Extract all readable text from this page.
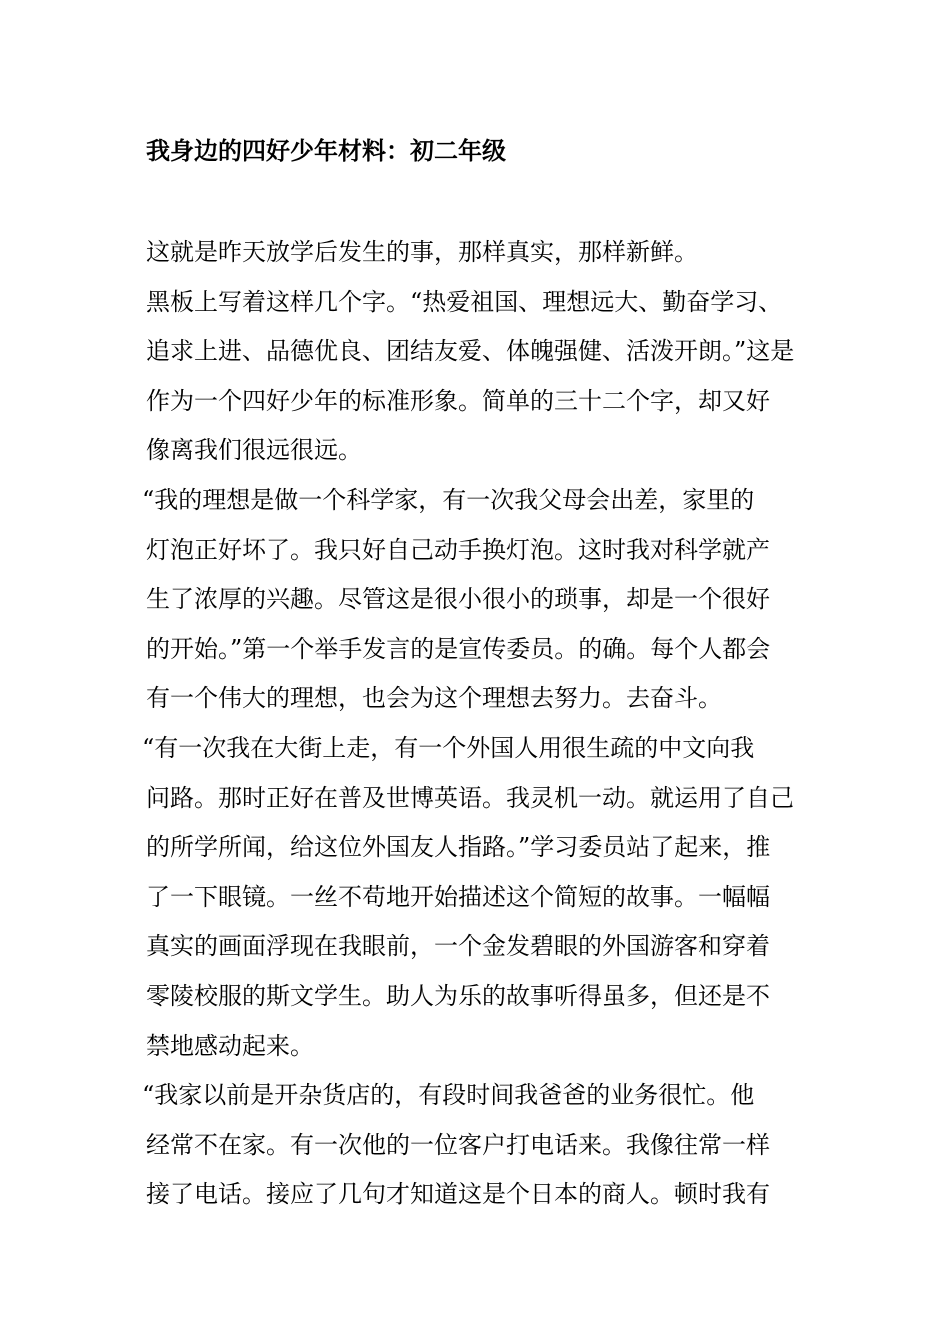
我身边的四好少年材料：初二年级
这就是昨天放学后发生的事，那样真实，那样新鲜。
黑板上写着这样几个字。“热爱祖国、理想远大、勤奋学习、
追求上进、品德优良、团结友爱、体魄强健、活泼开朗。”这是
作为一个四好少年的标准形象。简单的三十二个字，却又好
像离我们很远很远。
“我的理想是做一个科学家，有一次我父母会出差，家里的
灯泡正好坏了。我只好自己动手换灯泡。这时我对科学就产
生了浓厚的兴趣。尽管这是很小很小的琐事，却是一个很好
的开始。”第一个举手发言的是宣传委员。的确。每个人都会
有一个伟大的理想，也会为这个理想去努力。去奋斗。
“有一次我在大街上走，有一个外国人用很生疏的中文向我
问路。那时正好在普及世博英语。我灵机一动。就运用了自己
的所学所闻，给这位外国友人指路。”学习委员站了起来，推
了一下眼镜。一丝不苟地开始描述这个简短的故事。一幅幅
真实的画面浮现在我眼前，一个金发碧眼的外国游客和穿着
零陵校服的斯文学生。助人为乐的故事听得虽多，但还是不
禁地感动起来。
“我家以前是开杂货店的，有段时间我爸爸的业务很忙。他
经常不在家。有一次他的一位客户打电话来。我像往常一样
接了电话。接应了几句才知道这是个日本的商人。顿时我有
